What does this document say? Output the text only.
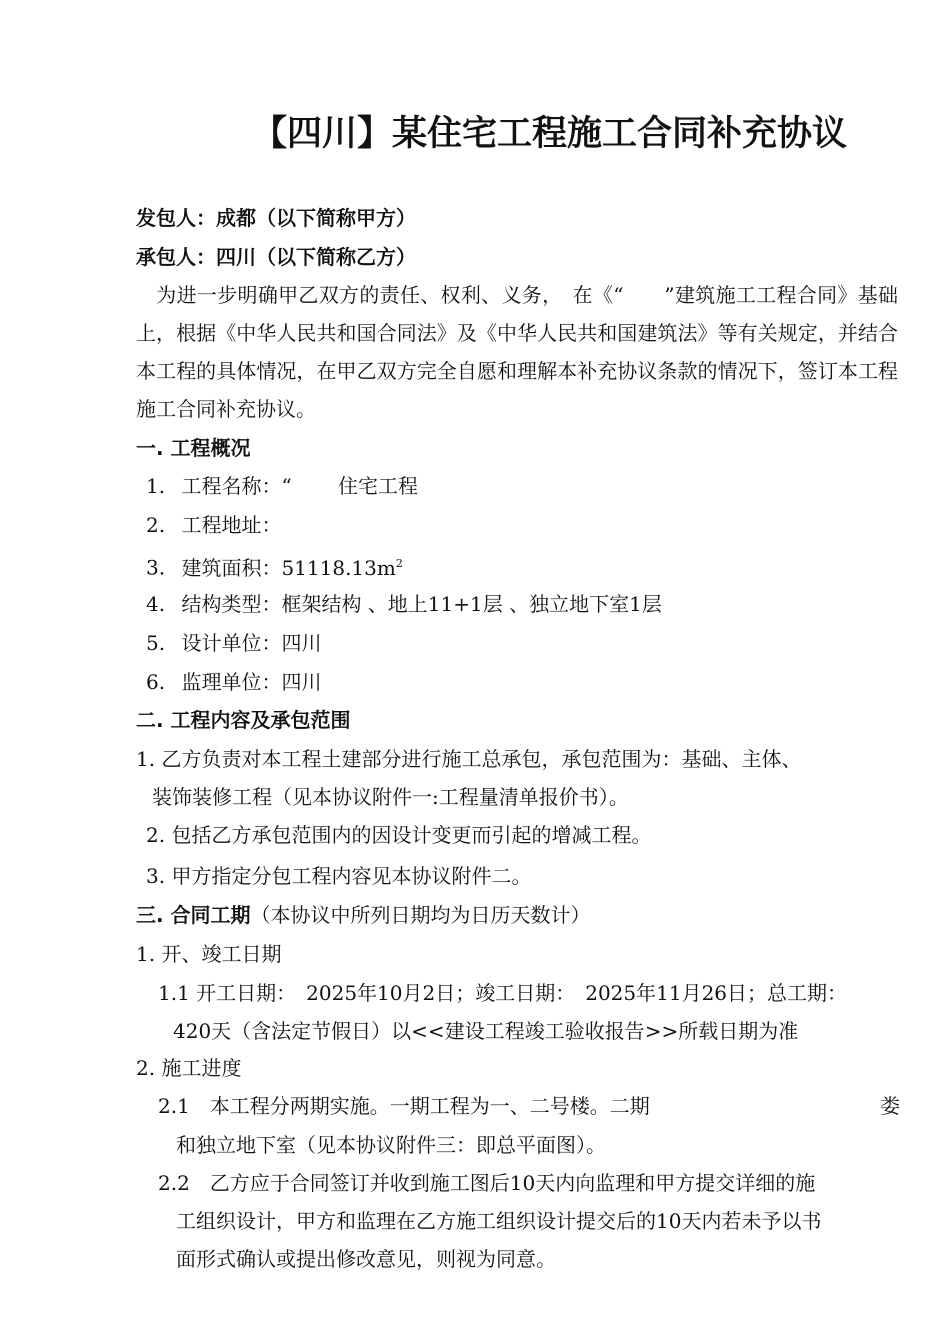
【四川】某住宅工程施工合同补充协议
发包人：成都（以下简称甲方）
承包人：四川（以下简称乙方）
　为进一步明确甲乙双方的责任、权利、义务，　在《“　　”建筑施工工程合同》基础上，根据《中华人民共和国合同法》及《中华人民共和国建筑法》等有关规定，并结合本工程的具体情况，在甲乙双方完全自愿和理解本补充协议条款的情况下，签订本工程施工合同补充协议。
一. 工程概况
1. 工程名称：“　　 住宅工程
2. 工程地址：
3. 建筑面积：$51118.13m^2$
4. 结构类型：框架结构 、地上11+1层 、独立地下室1层
5. 设计单位：四川
6. 监理单位：四川
二. 工程内容及承包范围
1. 乙方负责对本工程土建部分进行施工总承包，承包范围为：基础、主体、
装饰装修工程（见本协议附件一:工程量清单报价书）。
2. 包括乙方承包范围内的因设计变更而引起的增减工程。
3. 甲方指定分包工程内容见本协议附件二。
三. 合同工期（本协议中所列日期均为日历天数计）
1. 开、竣工日期
1.1 开工日期：　2025年10月2日；竣工日期：　2025年11月26日；总工期：
420天（含法定节假日）以<<建设工程竣工验收报告>>所载日期为准
2. 施工进度
2.1　本工程分两期实施。一期工程为一、二号楼。二期	娄
和独立地下室（见本协议附件三：即总平面图）。
2.2　乙方应于合同签订并收到施工图后10天内向监理和甲方提交详细的施
工组织设计，甲方和监理在乙方施工组织设计提交后的10天内若未予以书
面形式确认或提出修改意见，则视为同意。
